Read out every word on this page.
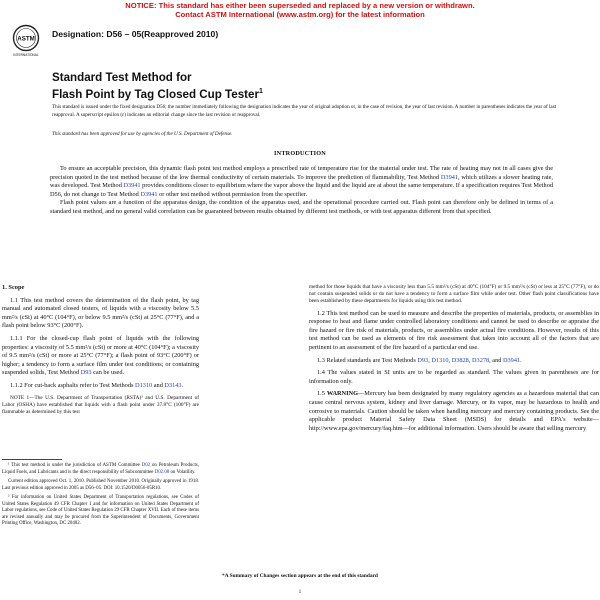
NOTICE: This standard has either been superseded and replaced by a new version or withdrawn.
Contact ASTM International (www.astm.org) for the latest information
ASTM
INTERNATIONAL
Designation: D56 – 05(Reapproved 2010)
Standard Test Method for
Flash Point by Tag Closed Cup Tester$^1$
This standard is issued under the fixed designation D56; the number immediately following the designation indicates the year of original adoption or, in the case of revision, the year of last revision. A number in parentheses indicates the year of last reapproval. A superscript epsilon (ε) indicates an editorial change since the last revision or reapproval.
This standard has been approved for use by agencies of the U.S. Department of Defense.
INTRODUCTION

To ensure an acceptable precision, this dynamic flash point test method employs a prescribed rate of temperature rise for the material under test. The rate of heating may not in all cases give the precision quoted in the test method because of the low thermal conductivity of certain materials. To improve the prediction of flammability, Test Method D3941, which utilizes a slower heating rate, was developed. Test Method D3941 provides conditions closer to equilibrium where the vapor above the liquid and the liquid are at about the same temperature. If a specification requires Test Method D56, do not change to Test Method D3941 or other test method without permission from the specifier.

Flash point values are a function of the apparatus design, the condition of the apparatus used, and the operational procedure carried out. Flash point can therefore only be defined in terms of a standard test method, and no general valid correlation can be guaranteed between results obtained by different test methods, or with test apparatus different from that specified.

1. Scope

1.1 This test method covers the determination of the flash point, by tag manual and automated closed testers, of liquids with a viscosity below 5.5 mm²/s (cSt) at 40°C (104°F), or below 9.5 mm²/s (cSt) at 25°C (77°F), and a flash point below 93°C (200°F).

1.1.1 For the closed-cup flash point of liquids with the following properties: a viscosity of 5.5 mm²/s (cSt) or more at 40°C (104°F); a viscosity of 9.5 mm²/s (cSt) or more at 25°C (77°F); a flash point of 93°C (200°F) or higher; a tendency to form a surface film under test conditions; or containing suspended solids, Test Method D93 can be used.

1.1.2 For cut-back asphalts refer to Test Methods D1310 and D3143.

NOTE 1—The U.S. Department of Transportation (RSTA)² and U.S. Department of Labor (OSHA) have established that liquids with a flash point under 37.8°C (100°F) are flammable as determined by this test

¹ This test method is under the jurisdiction of ASTM Committee D02 on Petroleum Products, Liquid Fuels, and Lubricants and is the direct responsibility of Subcommittee D02.08 on Volatility.

Current edition approved Oct. 1, 2010. Published November 2010. Originally approved in 1918. Last previous edition approved in 2005 as D56–05. DOI: 10.1520/D0056-05R10.

² For information on United States Department of Transportation regulations, see Codes of United States Regulation 49 CFR Chapter 1 and for information on United States Department of Labor regulations, see Code of United States Regulation 29 CFR Chapter XVII. Each of these items are revised annually and may be procured from the Superintendent of Documents, Government Printing Office, Washington, DC 20402.

method for those liquids that have a viscosity less than 5.5 mm²/s (cSt) at 40°C (104°F) or 9.5 mm²/s (cSt) or less at 25°C (77°F), or do not contain suspended solids or do not have a tendency to form a surface film while under test. Other flash point classifications have been established by these departments for liquids using this test method.

1.2 This test method can be used to measure and describe the properties of materials, products, or assemblies in response to heat and flame under controlled laboratory conditions and cannot be used to describe or appraise the fire hazard or fire risk of materials, products, or assemblies under actual fire conditions. However, results of this test method can be used as elements of fire risk assessment that takes into account all of the factors that are pertinent to an assessment of the fire hazard of a particular end use.

1.3 Related standards are Test Methods D93, D1310, D3828, D3278, and D3941.

1.4 The values stated in SI units are to be regarded as standard. The values given in parentheses are for information only.

1.5 WARNING—Mercury has been designated by many regulatory agencies as a hazardous material that can cause central nervous system, kidney and liver damage. Mercury, or its vapor, may be hazardous to health and corrosive to materials. Caution should be taken when handling mercury and mercury containing products. See the applicable product Material Safety Data Sheet (MSDS) for details and EPA's website—http://www.epa.gov/mercury/faq.htm—for additional information. Users should be aware that selling mercury

*A Summary of Changes section appears at the end of this standard
1
